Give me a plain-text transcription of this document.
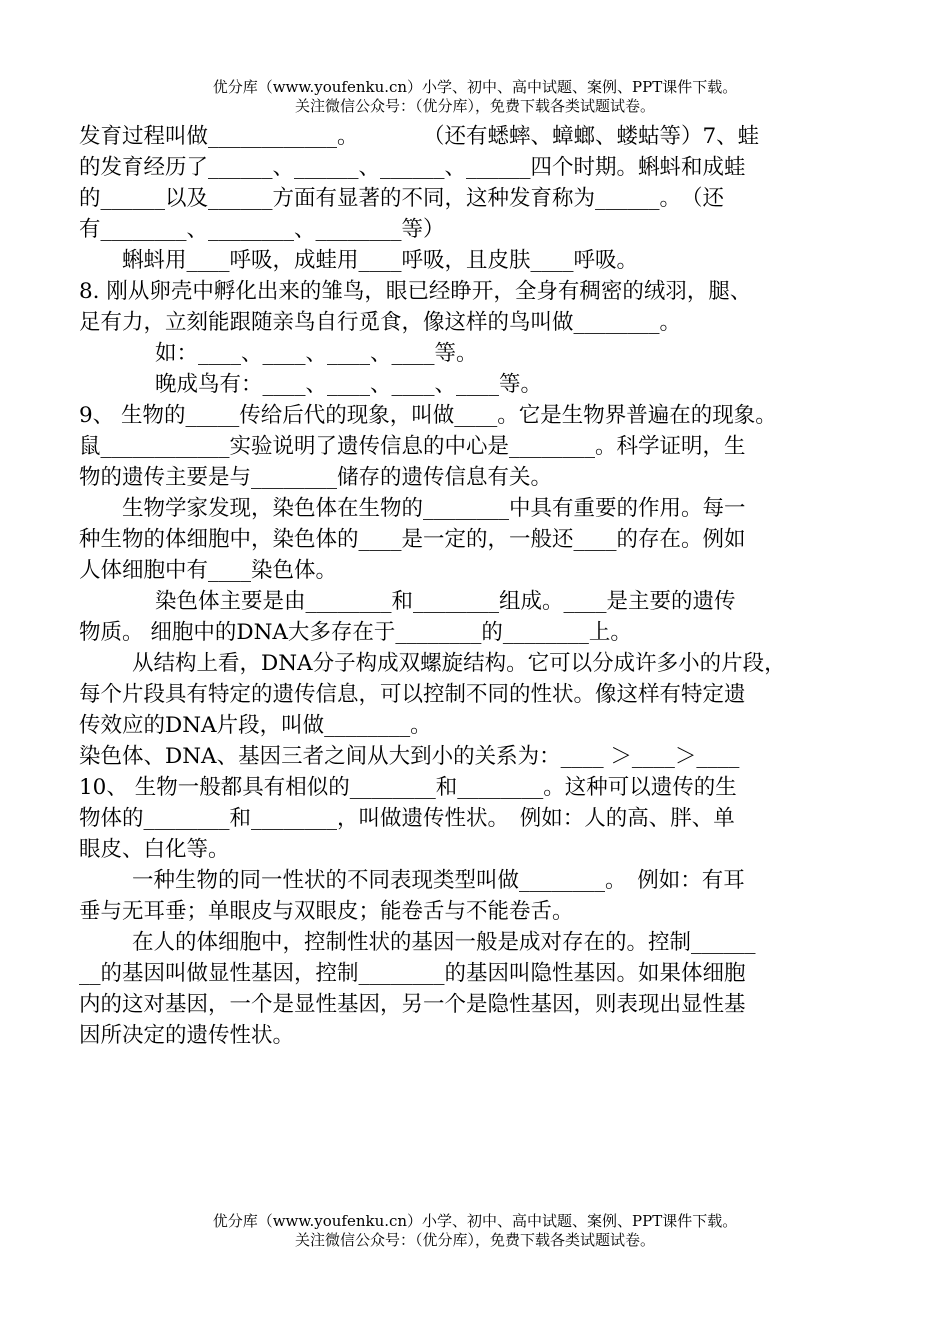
优分库（www.youfenku.cn）小学、初中、高中试题、案例、PPT课件下载。
关注微信公众号：（优分库），免费下载各类试题试卷。
发育过程叫做____________。　　　　（还有蟋蟀、蟑螂、蝼蛄等）7、蛙
的发育经历了______、______、______、______四个时期。蝌蚪和成蛙
的______以及______方面有显著的不同，这种发育称为______。　（还
有________、________、________等）
蝌蚪用____呼吸，成蛙用____呼吸，且皮肤____呼吸。
8. 刚从卵壳中孵化出来的雏鸟，眼已经睁开，全身有稠密的绒羽，腿、
足有力，立刻能跟随亲鸟自行觅食，像这样的鸟叫做________。
如：____、____、____、____等。
晚成鸟有：____、____、____、____等。
9、 生物的_____传给后代的现象，叫做____。它是生物界普遍在的现象。
鼠____________实验说明了遗传信息的中心是________。科学证明，生
物的遗传主要是与________储存的遗传信息有关。
生物学家发现，染色体在生物的________中具有重要的作用。每一
种生物的体细胞中，染色体的____是一定的，一般还____的存在。例如
人体细胞中有____染色体。
染色体主要是由________和________组成。____是主要的遗传
物质。 细胞中的DNA大多存在于________的________上。
从结构上看，DNA分子构成双螺旋结构。它可以分成许多小的片段，
每个片段具有特定的遗传信息，可以控制不同的性状。像这样有特定遗
传效应的DNA片段，叫做________。
染色体、DNA、基因三者之间从大到小的关系为：____ ＞____＞____
10、 生物一般都具有相似的________和________。这种可以遗传的生
物体的________和________，叫做遗传性状。　例如：人的高、胖、单
眼皮、白化等。
一种生物的同一性状的不同表现类型叫做________。　例如：有耳
垂与无耳垂；单眼皮与双眼皮；能卷舌与不能卷舌。
在人的体细胞中，控制性状的基因一般是成对存在的。控制______
__的基因叫做显性基因，控制________的基因叫隐性基因。如果体细胞
内的这对基因，一个是显性基因，另一个是隐性基因，则表现出显性基
因所决定的遗传性状。
优分库（www.youfenku.cn）小学、初中、高中试题、案例、PPT课件下载。
关注微信公众号：（优分库），免费下载各类试题试卷。
